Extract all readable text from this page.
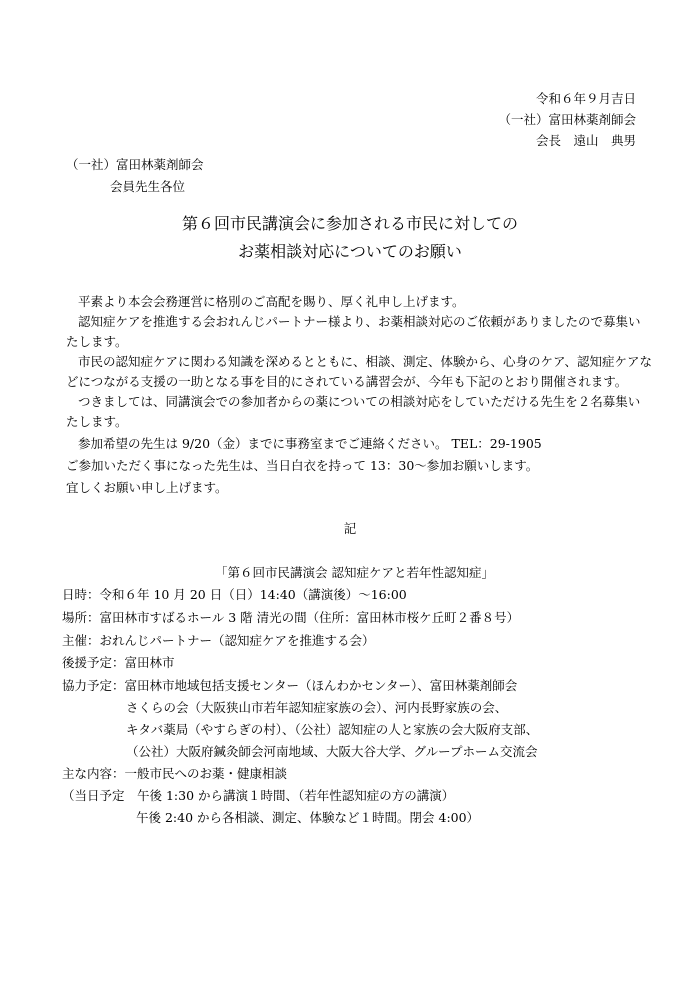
令和６年９月吉日
（一社）富田林薬剤師会
会長　遠山　典男
（一社）富田林薬剤師会
会員先生各位
第６回市民講演会に参加される市民に対しての
お薬相談対応についてのお願い
平素より本会会務運営に格別のご高配を賜り、厚く礼申し上げます。
認知症ケアを推進する会おれんじパートナー様より、お薬相談対応のご依頼がありましたので募集い
たします。
市民の認知症ケアに関わる知識を深めるとともに、相談、測定、体験から、心身のケア、認知症ケアな
どにつながる支援の一助となる事を目的にされている講習会が、今年も下記のとおり開催されます。
つきましては、同講演会での参加者からの薬についての相談対応をしていただける先生を２名募集い
たします。
参加希望の先生は 9/20（金）までに事務室までご連絡ください。 TEL：29-1905
ご参加いただく事になった先生は、当日白衣を持って 13：30～参加お願いします。
宜しくお願い申し上げます。
記
「第６回市民講演会 認知症ケアと若年性認知症」
日時：令和６年 10 月 20 日（日）14:40（講演後）～16:00
場所：富田林市すばるホール 3 階 清光の間（住所：富田林市桜ケ丘町２番８号）
主催：おれんじパートナー（認知症ケアを推進する会）
後援予定：富田林市
協力予定：富田林市地域包括支援センター（ほんわかセンター）、富田林薬剤師会
さくらの会（大阪狭山市若年認知症家族の会）、河内長野家族の会、
キタバ薬局（やすらぎの村）、（公社）認知症の人と家族の会大阪府支部、
（公社）大阪府鍼灸師会河南地域、大阪大谷大学、グループホーム交流会
主な内容：一般市民へのお薬・健康相談
（当日予定　午後 1:30 から講演１時間、（若年性認知症の方の講演）
午後 2:40 から各相談、測定、体験など１時間。閉会 4:00）
